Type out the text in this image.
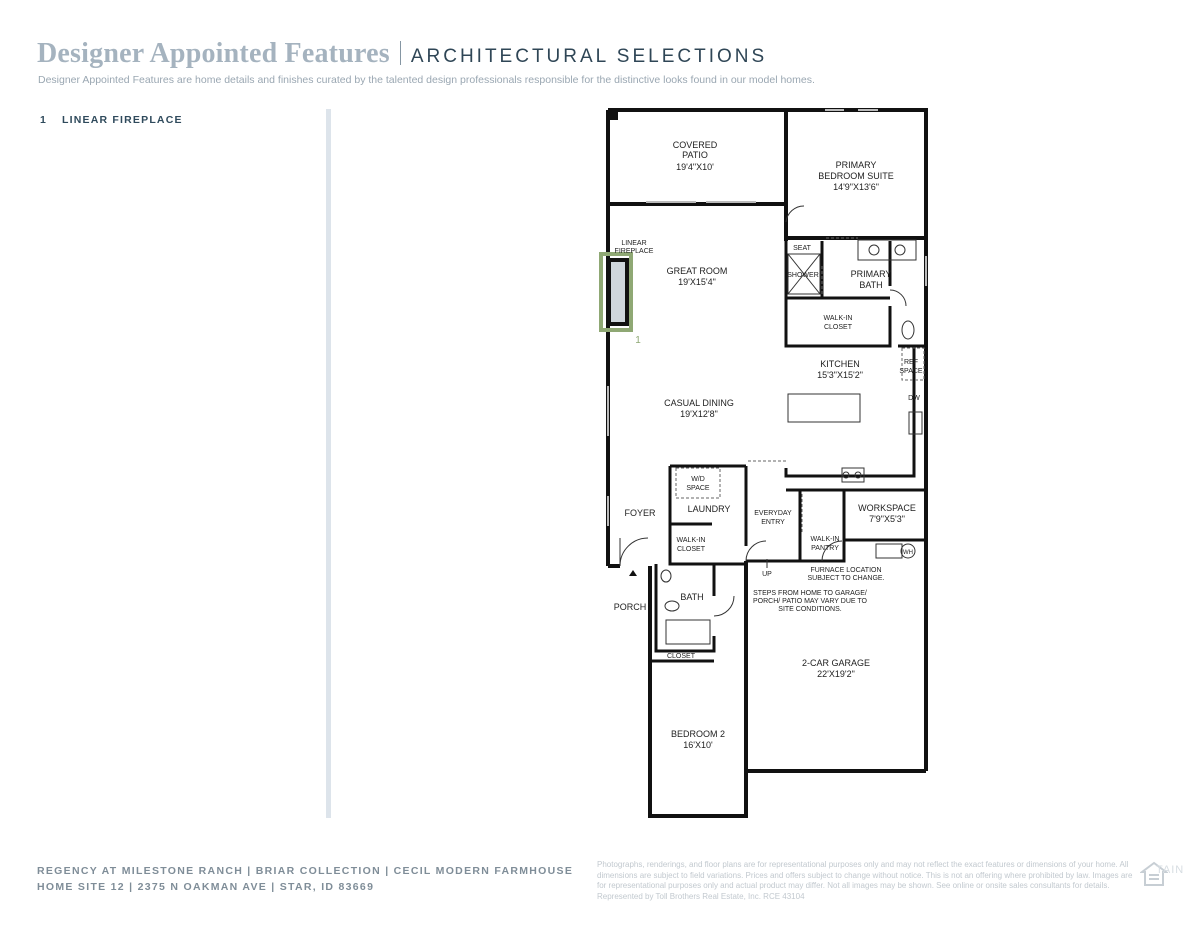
Designer Appointed Features ARCHITECTURAL SELECTIONS
Designer Appointed Features are home details and finishes curated by the talented design professionals responsible for the distinctive looks found in our model homes.
1 LINEAR FIREPLACE
COVERED
PATIO
19'4"X10'	PRIMARY
BEDROOM SUITE
14'9"X13'6"
SEAT
SHOWER	PRIMARY
BATH
WALK-IN
CLOSET
LINEAR
FIREPLACE
1
GREAT ROOM
19'X15'4"
KITCHEN
15'3"X15'2"
REF
SPACE
DW
CASUAL DINING
19'X12'8"
W/D
SPACE
LAUNDRY
FOYER
WALK-IN
CLOSET
EVERYDAY
ENTRY
WALK-IN
PANTRY
WORKSPACE
7'9"X5'3"
WH
UP
FURNACE LOCATION
SUBJECT TO CHANGE.
STEPS FROM HOME TO GARAGE/
PORCH/ PATIO MAY VARY DUE TO
SITE CONDITIONS.
PORCH
BATH
CLOSET
2-CAR GARAGE
22'X19'2"
BEDROOM 2
16'X10'
REGENCY AT MILESTONE RANCH | BRIAR COLLECTION | CECIL MODERN FARMHOUSE
HOME SITE 12 | 2375 N OAKMAN AVE | STAR, ID 83669
Photographs, renderings, and floor plans are for representational purposes only and may not reflect the exact features or dimensions of your home. All dimensions are subject to field variations. Prices and offers subject to change without notice. This is not an offering where prohibited by law. Images are for representational purposes only and actual product may differ. Not all images may be shown. See online or onsite sales consultants for details. Represented by Toll Brothers Real Estate, Inc. RCE 43104
TAIN
